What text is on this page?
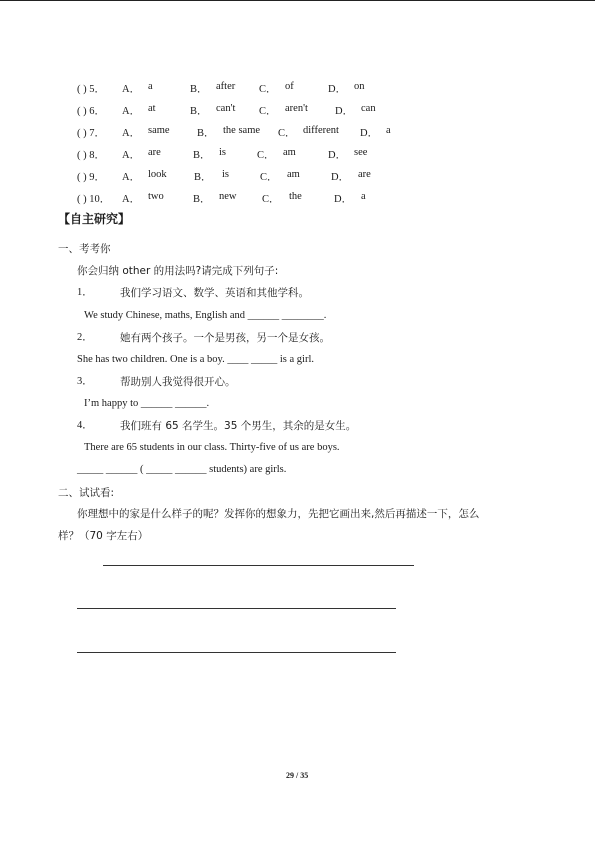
( ) 5． A． a	B． after C． of	D． on
( ) 6． A． at	B． can't C． aren't	D． can
( ) 7． A． same	B． the same C． different D． a
( ) 8． A． are	B． is	C． am	D． see
( ) 9． A． look	B． is	C． am	D． are
( ) 10． A． two	B． new C． the	D． a
【自主研究】
一、考考你
你会归纳 other 的用法吗?请完成下列句子:
1．	我们学习语文、数学、英语和其他学科。
We study Chinese, maths, English and ______ ________.
2．	她有两个孩子。一个是男孩，另一个是女孩。
She has two children. One is a boy. ____ _____ is a girl.
3．	帮助别人我觉得很开心。
I’m happy to ______ ______.
4．	我们班有 65 名学生。35 个男生，其余的是女生。
There are 65 students in our class. Thirty-five of us are boys.
_____ ______ ( _____ ______ students) are girls.
二、试试看:
你理想中的家是什么样子的呢？发挥你的想象力，先把它画出来,然后再描述一下，怎么
样？（70 字左右）
29 / 35
